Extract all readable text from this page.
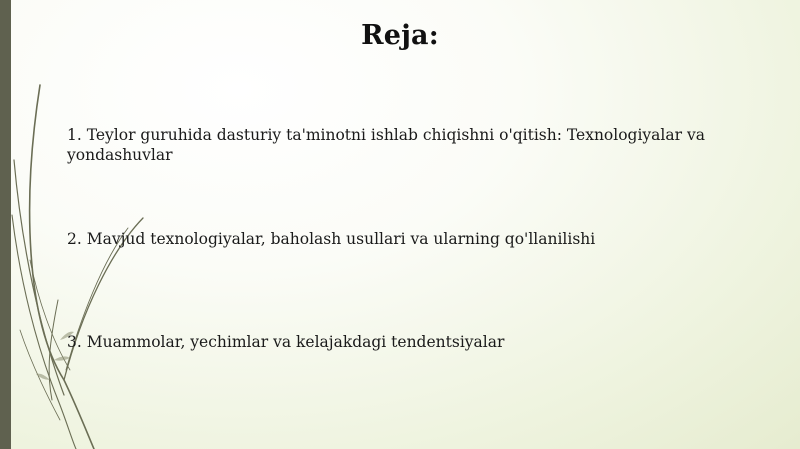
Reja:
1. Teylor guruhida dasturiy ta'minotni ishlab chiqishni o'qitish: Texnologiyalar va yondashuvlar
2. Mavjud texnologiyalar, baholash usullari va ularning qo'llanilishi
3. Muammolar, yechimlar va kelajakdagi tendentsiyalar
